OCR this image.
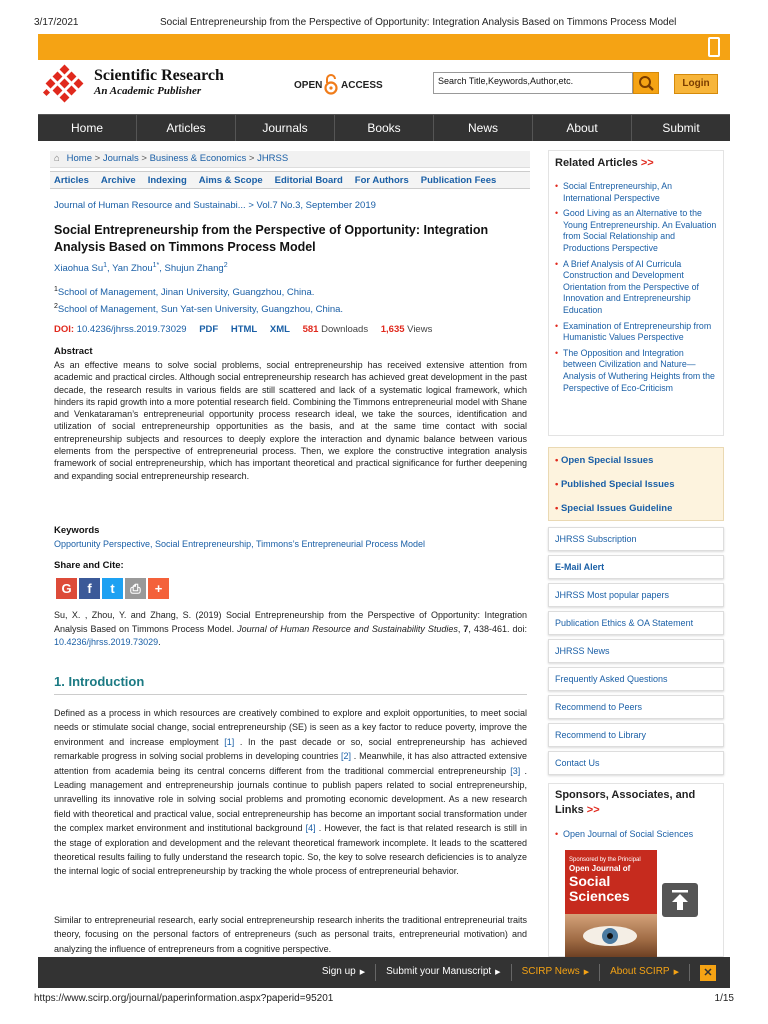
3/17/2021	Social Entrepreneurship from the Perspective of Opportunity: Integration Analysis Based on Timmons Process Model
Scientific Research
An Academic Publisher	OPEN ACCESS	Search Title,Keywords,Author,etc.	Login
Home	Articles	Journals	Books	News	About	Submit
⌂ Home > Journals > Business & Economics > JHRSS
Articles Archive Indexing Aims & Scope Editorial Board For Authors Publication Fees
Journal of Human Resource and Sustainabi... > Vol.7 No.3, September 2019
Social Entrepreneurship from the Perspective of Opportunity: Integration Analysis Based on Timmons Process Model
Xiaohua Su$^1$, Yan Zhou$^{1*}$, Shujun Zhang$^2$
$^1$School of Management, Jinan University, Guangzhou, China.
$^2$School of Management, Sun Yat-sen University, Guangzhou, China.
DOI: 10.4236/jhrss.2019.73029 PDF HTML XML 581 Downloads 1,635 Views
Abstract
As an effective means to solve social problems, social entrepreneurship has received extensive attention from academic and practical circles. Although social entrepreneurship research has achieved great development in the past decade, the research results in various fields are still scattered and lack of a systematic logical framework, which hinders its rapid growth into a more potential research field. Combining the Timmons entrepreneurial model with Shane and Venkataraman’s entrepreneurial opportunity process research ideal, we take the sources, identification and utilization of social entrepreneurship opportunities as the basis, and at the same time contact with social entrepreneurship subjects and resources to deeply explore the interaction and dynamic balance between various elements from the perspective of entrepreneurial process. Then, we explore the constructive integration analysis framework of social entrepreneurship, which has important theoretical and practical significance for further deepening and expanding social entrepreneurship research.
Keywords
Opportunity Perspective, Social Entrepreneurship, Timmons’s Entrepreneurial Process Model
Share and Cite:
G	f	t	⎙	+
Su, X. , Zhou, Y. and Zhang, S. (2019) Social Entrepreneurship from the Perspective of Opportunity: Integration Analysis Based on Timmons Process Model. Journal of Human Resource and Sustainability Studies, 7, 438-461. doi: 10.4236/jhrss.2019.73029.
1. Introduction
Defined as a process in which resources are creatively combined to explore and exploit opportunities, to meet social needs or stimulate social change, social entrepreneurship (SE) is seen as a key factor to reduce poverty, improve the environment and increase employment [1] . In the past decade or so, social entrepreneurship has achieved remarkable progress in solving social problems in developing countries [2] . Meanwhile, it has also attracted extensive attention from academia being its central concerns different from the traditional commercial entrepreneurship [3] . Leading management and entrepreneurship journals continue to publish papers related to social entrepreneurship, unravelling its innovative role in solving social problems and promoting economic development. As a new research field with theoretical and practical value, social entrepreneurship has become an important social transformation under the complex market environment and institutional background [4] . However, the fact is that related research is still in the stage of exploration and development and the relevant theoretical framework incomplete. It leads to the scattered theoretical results failing to fully understand the research topic. So, the key to solve research deficiencies is to analyze the internal logic of social entrepreneurship by tracking the whole process of entrepreneurial behavior.
Similar to entrepreneurial research, early social entrepreneurship research inherits the traditional entrepreneurial traits theory, focusing on the personal factors of entrepreneurs (such as personal traits, entrepreneurial motivation) and analyzing the influence of entrepreneurs from a cognitive perspective.
Related Articles >>
• Social Entrepreneurship, An International Perspective
• Good Living as an Alternative to the Young Entrepreneurship. An Evaluation from Social Relationship and Productions Perspective
• A Brief Analysis of AI Curricula Construction and Development Orientation from the Perspective of Innovation and Entrepreneurship Education
• Examination of Entrepreneurship from Humanistic Values Perspective
• The Opposition and Integration between Civilization and Nature—Analysis of Wuthering Heights from the Perspective of Eco-Criticism
• Open Special Issues
• Published Special Issues
• Special Issues Guideline
JHRSS Subscription
E-Mail Alert
JHRSS Most popular papers
Publication Ethics & OA Statement
JHRSS News
Frequently Asked Questions
Recommend to Peers
Recommend to Library
Contact Us
Sponsors, Associates, and Links >>
• Open Journal of Social Sciences
Sponsored by the Principal
Open Journal of
Social Sciences
Sign up ▶	Submit your Manuscript ▶	SCIRP News ▶	About SCIRP ▶	✕
https://www.scirp.org/journal/paperinformation.aspx?paperid=95201	1/15
